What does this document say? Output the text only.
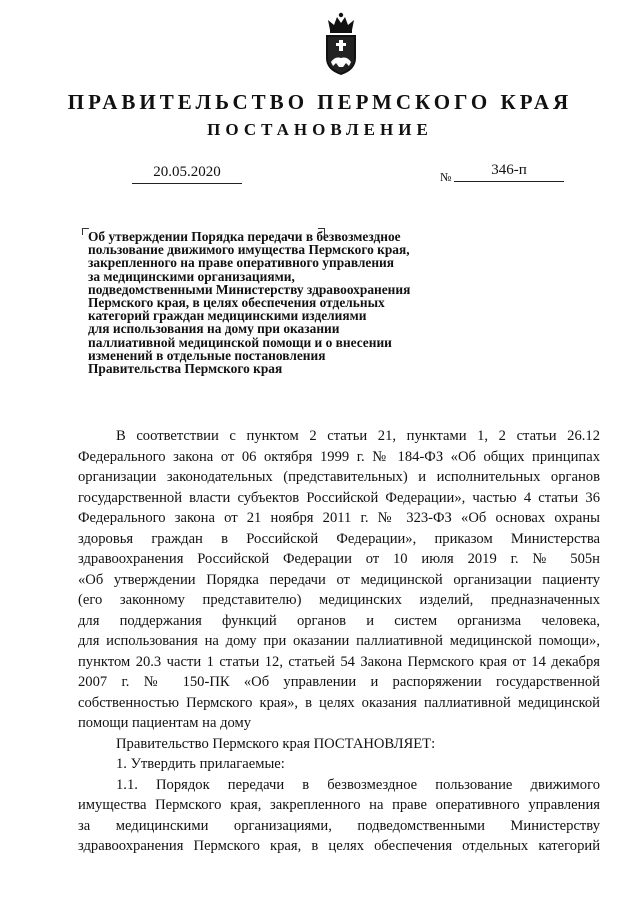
ПРАВИТЕЛЬСТВО ПЕРМСКОГО КРАЯ
ПОСТАНОВЛЕНИЕ
20.05.2020	№	346-п
Об утверждении Порядка передачи в безвозмездное
пользование движимого имущества Пермского края,
закрепленного на праве оперативного управления
за медицинскими организациями,
подведомственными Министерству здравоохранения
Пермского края, в целях обеспечения отдельных
категорий граждан медицинскими изделиями
для использования на дому при оказании
паллиативной медицинской помощи и о внесении
изменений в отдельные постановления
Правительства Пермского края
В соответствии с пунктом 2 статьи 21, пунктами 1, 2 статьи 26.12
Федерального закона от 06 октября 1999 г. № 184-ФЗ «Об общих принципах
организации законодательных (представительных) и исполнительных органов
государственной власти субъектов Российской Федерации», частью 4 статьи 36
Федерального закона от 21 ноября 2011 г. № 323-ФЗ «Об основах охраны
здоровья граждан в Российской Федерации», приказом Министерства
здравоохранения Российской Федерации от 10 июля 2019 г. № 505н
«Об утверждении Порядка передачи от медицинской организации пациенту
(его законному представителю) медицинских изделий, предназначенных
для поддержания функций органов и систем организма человека,
для использования на дому при оказании паллиативной медицинской помощи»,
пунктом 20.3 части 1 статьи 12, статьей 54 Закона Пермского края от 14 декабря
2007 г. № 150-ПК «Об управлении и распоряжении государственной
собственностью Пермского края», в целях оказания паллиативной медицинской
помощи пациентам на дому
Правительство Пермского края ПОСТАНОВЛЯЕТ:
1. Утвердить прилагаемые:
1.1. Порядок передачи в безвозмездное пользование движимого
имущества Пермского края, закрепленного на праве оперативного управления
за медицинскими организациями, подведомственными Министерству
здравоохранения Пермского края, в целях обеспечения отдельных категорий
